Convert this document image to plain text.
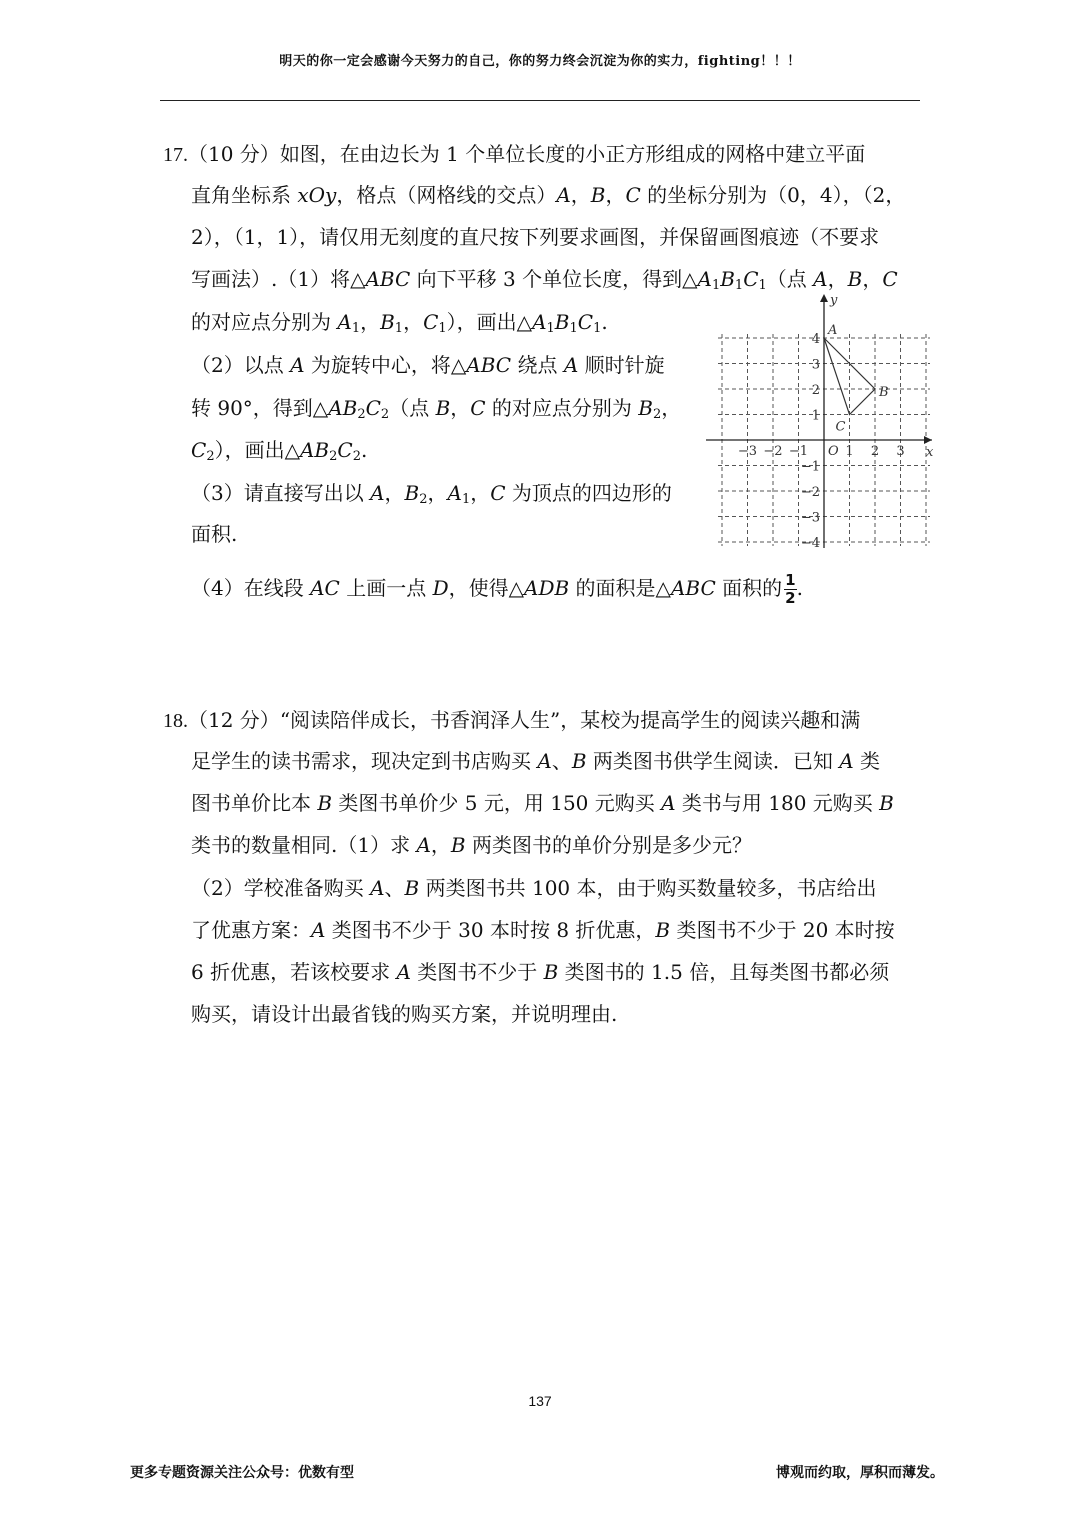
明天的你一定会感谢今天努力的自己，你的努力终会沉淀为你的实力，fighting！！！
17.（10 分）如图，在由边长为 1 个单位长度的小正方形组成的网格中建立平面
直角坐标系 xOy，格点（网格线的交点）A，B，C 的坐标分别为（0，4），（2，
2），（1，1），请仅用无刻度的直尺按下列要求画图，并保留画图痕迹（不要求
写画法）.（1）将△ABC 向下平移 3 个单位长度，得到$\triangle A_1B_1C_1$（点 A，B，C
的对应点分别为 $A_1$，$B_1$，$C_1$），画出$\triangle A_1B_1C_1$.
（2）以点 A 为旋转中心，将△ABC 绕点 A 顺时针旋
转 90°，得到$\triangle AB_2C_2$（点 B，C 的对应点分别为 $B_2$，
$C_2$），画出$\triangle AB_2C_2$.
（3）请直接写出以 A，$B_2$，$A_1$，C 为顶点的四边形的
面积.
（4）在线段 AC 上画一点 D，使得△ADB 的面积是△ABC 面积的 $\frac{1}{2}$ .
−3 −2 −1	1 2 3
4
3
2
1
−1
−2
−3
−4
O	x
y
A
B
C
18.（12 分）“阅读陪伴成长，书香润泽人生”，某校为提高学生的阅读兴趣和满
足学生的读书需求，现决定到书店购买 A、B 两类图书供学生阅读．已知 A 类
图书单价比本 B 类图书单价少 5 元，用 150 元购买 A 类书与用 180 元购买 B
类书的数量相同.（1）求 A，B 两类图书的单价分别是多少元？
（2）学校准备购买 A、B 两类图书共 100 本，由于购买数量较多，书店给出
了优惠方案：A 类图书不少于 30 本时按 8 折优惠，B 类图书不少于 20 本时按
6 折优惠，若该校要求 A 类图书不少于 B 类图书的 1.5 倍，且每类图书都必须
购买，请设计出最省钱的购买方案，并说明理由.
137
更多专题资源关注公众号：优数有型	博观而约取，厚积而薄发。
